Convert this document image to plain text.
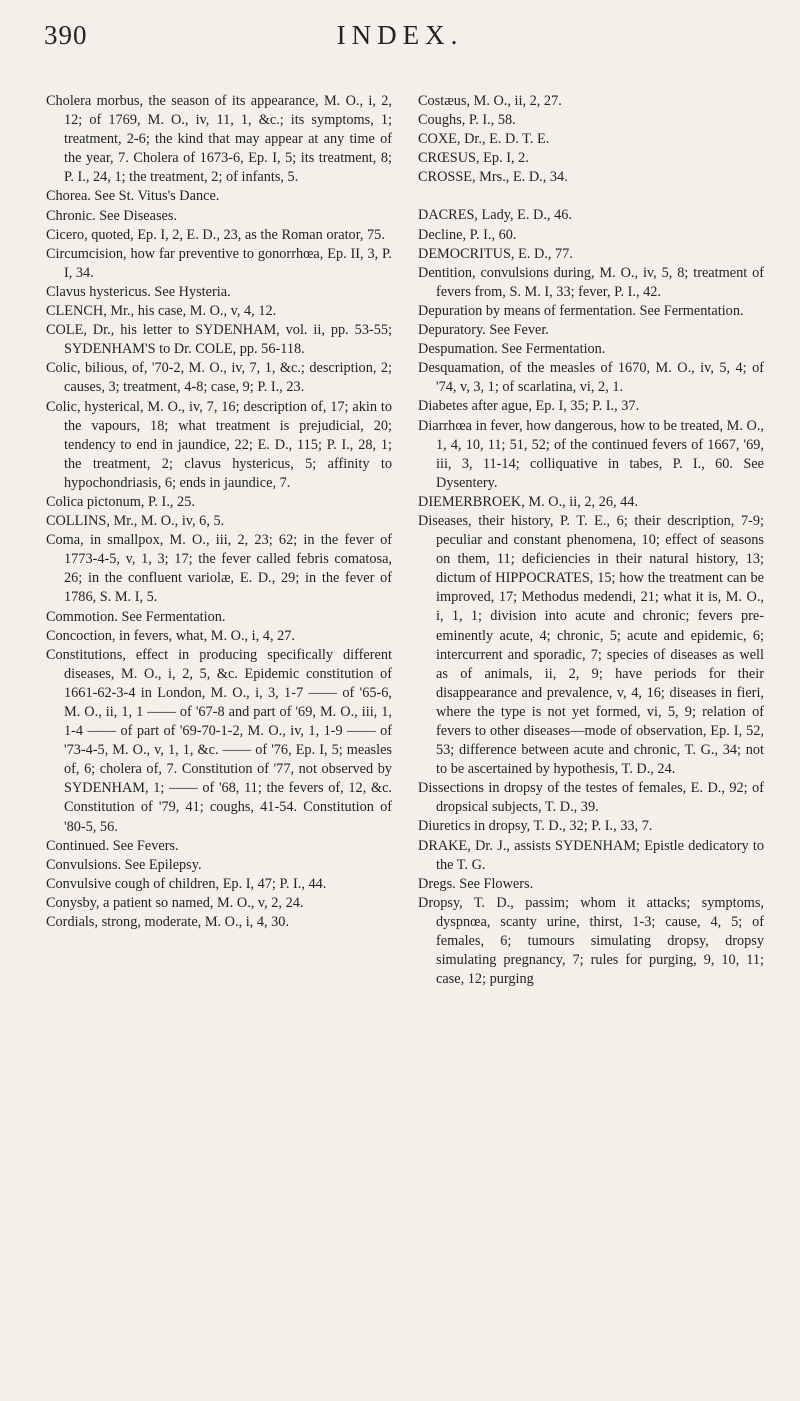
390	INDEX.

Cholera morbus, the season of its appearance, M. O., i, 2, 12; of 1769, M. O., iv, 11, 1, &c.; its symptoms, 1; treatment, 2-6; the kind that may appear at any time of the year, 7. Cholera of 1673-6, Ep. I, 5; its treatment, 8; P. I., 24, 1; the treatment, 2; of infants, 5.

Chorea. See St. Vitus's Dance.

Chronic. See Diseases.

Cicero, quoted, Ep. I, 2, E. D., 23, as the Roman orator, 75.

Circumcision, how far preventive to gonorrhœa, Ep. II, 3, P. I, 34.

Clavus hystericus. See Hysteria.

CLENCH, Mr., his case, M. O., v, 4, 12.

COLE, Dr., his letter to SYDENHAM, vol. ii, pp. 53-55; SYDENHAM'S to Dr. COLE, pp. 56-118.

Colic, bilious, of, '70-2, M. O., iv, 7, 1, &c.; description, 2; causes, 3; treatment, 4-8; case, 9; P. I., 23.

Colic, hysterical, M. O., iv, 7, 16; description of, 17; akin to the vapours, 18; what treatment is prejudicial, 20; tendency to end in jaundice, 22; E. D., 115; P. I., 28, 1; the treatment, 2; clavus hystericus, 5; affinity to hypochondriasis, 6; ends in jaundice, 7.

Colica pictonum, P. I., 25.

COLLINS, Mr., M. O., iv, 6, 5.

Coma, in smallpox, M. O., iii, 2, 23; 62; in the fever of 1773-4-5, v, 1, 3; 17; the fever called febris comatosa, 26; in the confluent variolæ, E. D., 29; in the fever of 1786, S. M. I, 5.

Commotion. See Fermentation.

Concoction, in fevers, what, M. O., i, 4, 27.

Constitutions, effect in producing specifically different diseases, M. O., i, 2, 5, &c. Epidemic constitution of 1661-62-3-4 in London, M. O., i, 3, 1-7 —— of '65-6, M. O., ii, 1, 1 —— of '67-8 and part of '69, M. O., iii, 1, 1-4 —— of part of '69-70-1-2, M. O., iv, 1, 1-9 —— of '73-4-5, M. O., v, 1, 1, &c. —— of '76, Ep. I, 5; measles of, 6; cholera of, 7. Constitution of '77, not observed by SYDENHAM, 1; —— of '68, 11; the fevers of, 12, &c. Constitution of '79, 41; coughs, 41-54. Constitution of '80-5, 56.

Continued. See Fevers.

Convulsions. See Epilepsy.

Convulsive cough of children, Ep. I, 47; P. I., 44.

Conysby, a patient so named, M. O., v, 2, 24.

Cordials, strong, moderate, M. O., i, 4, 30.

Costæus, M. O., ii, 2, 27.

Coughs, P. I., 58.

COXE, Dr., E. D. T. E.

CRŒSUS, Ep. I, 2.

CROSSE, Mrs., E. D., 34.

DACRES, Lady, E. D., 46.

Decline, P. I., 60.

DEMOCRITUS, E. D., 77.

Dentition, convulsions during, M. O., iv, 5, 8; treatment of fevers from, S. M. I, 33; fever, P. I., 42.

Depuration by means of fermentation. See Fermentation.

Depuratory. See Fever.

Despumation. See Fermentation.

Desquamation, of the measles of 1670, M. O., iv, 5, 4; of '74, v, 3, 1; of scarlatina, vi, 2, 1.

Diabetes after ague, Ep. I, 35; P. I., 37.

Diarrhœa in fever, how dangerous, how to be treated, M. O., 1, 4, 10, 11; 51, 52; of the continued fevers of 1667, '69, iii, 3, 11-14; colliquative in tabes, P. I., 60. See Dysentery.

DIEMERBROEK, M. O., ii, 2, 26, 44.

Diseases, their history, P. T. E., 6; their description, 7-9; peculiar and constant phenomena, 10; effect of seasons on them, 11; deficiencies in their natural history, 13; dictum of HIPPOCRATES, 15; how the treatment can be improved, 17; Methodus medendi, 21; what it is, M. O., i, 1, 1; division into acute and chronic; fevers pre-eminently acute, 4; chronic, 5; acute and epidemic, 6; intercurrent and sporadic, 7; species of diseases as well as of animals, ii, 2, 9; have periods for their disappearance and prevalence, v, 4, 16; diseases in fieri, where the type is not yet formed, vi, 5, 9; relation of fevers to other diseases—mode of observation, Ep. I, 52, 53; difference between acute and chronic, T. G., 34; not to be ascertained by hypothesis, T. D., 24.

Dissections in dropsy of the testes of females, E. D., 92; of dropsical subjects, T. D., 39.

Diuretics in dropsy, T. D., 32; P. I., 33, 7.

DRAKE, Dr. J., assists SYDENHAM; Epistle dedicatory to the T. G.

Dregs. See Flowers.

Dropsy, T. D., passim; whom it attacks; symptoms, dyspnœa, scanty urine, thirst, 1-3; cause, 4, 5; of females, 6; tumours simulating dropsy, dropsy simulating pregnancy, 7; rules for purging, 9, 10, 11; case, 12; purging
